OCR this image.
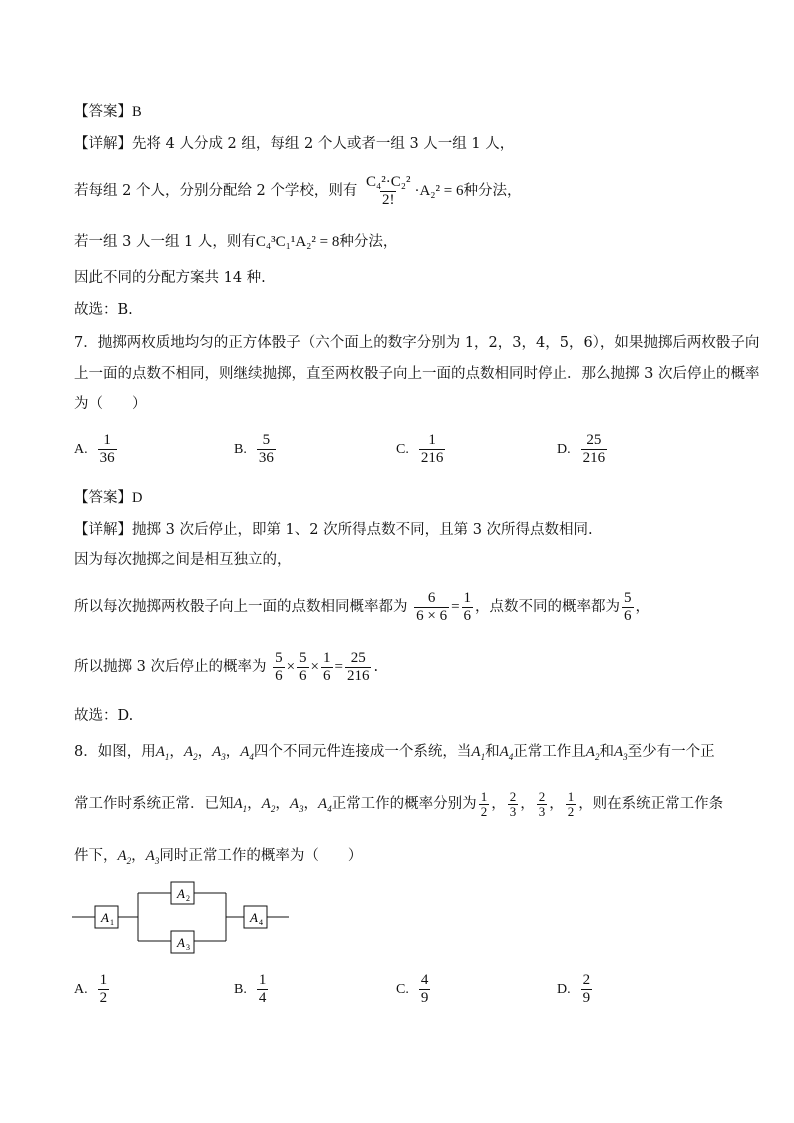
【答案】B
【详解】先将 4 人分成 2 组，每组 2 个人或者一组 3 人一组 1 人，
若每组 2 个人，分别分配给 2 个学校，则有 $\frac{\text{C₄²·C₂²}}{2!} \cdot A_2^2 = 6$种分法，
若一组 3 人一组 1 人，则有C₄³C₁¹A₂² = 8种分法，
因此不同的分配方案共 14 种.
故选：B.
7．抛掷两枚质地均匀的正方体骰子（六个面上的数字分别为 1，2，3，4，5，6），如果抛掷后两枚骰子向
上一面的点数不相同，则继续抛掷，直至两枚骰子向上一面的点数相同时停止．那么抛掷 3 次后停止的概率
为（　　）
A. $\frac{1}{36}$	B. $\frac{5}{36}$	C. $\frac{1}{216}$	D. $\frac{25}{216}$
【答案】D
【详解】抛掷 3 次后停止，即第 1、2 次所得点数不同，且第 3 次所得点数相同.
因为每次抛掷之间是相互独立的，
所以每次抛掷两枚骰子向上一面的点数相同概率都为 $\frac{6}{6 \times 6} = \frac{1}{6}$ ，点数不同的概率都为 $\frac{5}{6}$ ，
所以抛掷 3 次后停止的概率为 $\frac{5}{6} \times \frac{5}{6} \times \frac{1}{6} = \frac{25}{216}$ .
故选：D.
8．如图，用$A_1$，$A_2$，$A_3$，$A_4$四个不同元件连接成一个系统，当$A_1$和$A_4$正常工作且$A_2$和$A_3$至少有一个正
常工作时系统正常．已知$A_1$，$A_2$，$A_3$，$A_4$正常工作的概率分别为 $\frac{1}{2}$ ， $\frac{2}{3}$ ， $\frac{2}{3}$ ， $\frac{1}{2}$ ，则在系统正常工作条
件下，$A_2$，$A_3$同时正常工作的概率为（　　）
A 1
A 2
A 3
A 4
A. $\frac{1}{2}$	B. $\frac{1}{4}$	C. $\frac{4}{9}$	D. $\frac{2}{9}$
